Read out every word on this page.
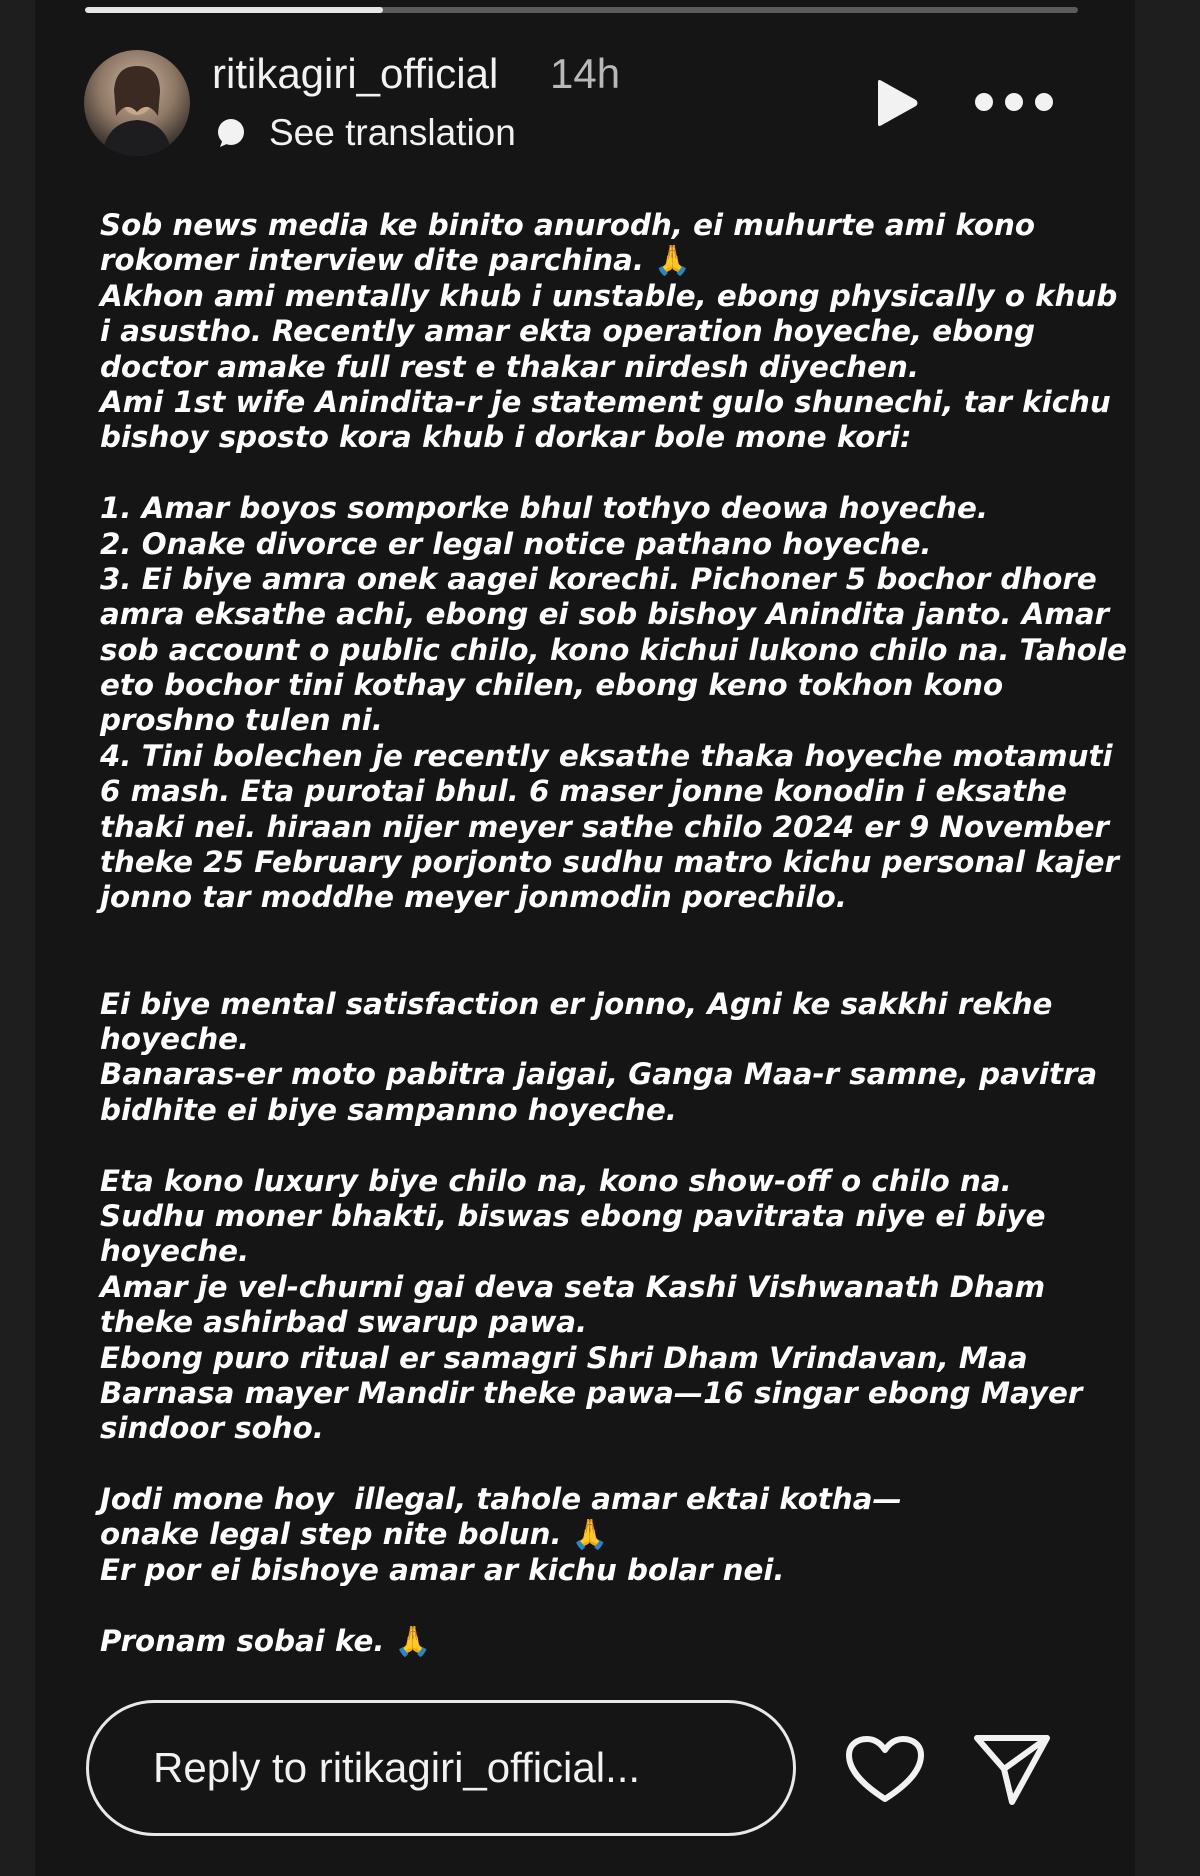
ritikagiri_official 14h
See translation
Sob news media ke binito anurodh, ei muhurte ami kono
rokomer interview dite parchina. 🙏
Akhon ami mentally khub i unstable, ebong physically o khub
i asustho. Recently amar ekta operation hoyeche, ebong
doctor amake full rest e thakar nirdesh diyechen.
Ami 1st wife Anindita-r je statement gulo shunechi, tar kichu
bishoy sposto kora khub i dorkar bole mone kori:
1. Amar boyos somporke bhul tothyo deowa hoyeche.
2. Onake divorce er legal notice pathano hoyeche.
3. Ei biye amra onek aagei korechi. Pichoner 5 bochor dhore
amra eksathe achi, ebong ei sob bishoy Anindita janto. Amar
sob account o public chilo, kono kichui lukono chilo na. Tahole
eto bochor tini kothay chilen, ebong keno tokhon kono
proshno tulen ni.
4. Tini bolechen je recently eksathe thaka hoyeche motamuti
6 mash. Eta purotai bhul. 6 maser jonne konodin i eksathe
thaki nei. hiraan nijer meyer sathe chilo 2024 er 9 November
theke 25 February porjonto sudhu matro kichu personal kajer
jonno tar moddhe meyer jonmodin porechilo.
Ei biye mental satisfaction er jonno, Agni ke sakkhi rekhe
hoyeche.
Banaras-er moto pabitra jaigai, Ganga Maa-r samne, pavitra
bidhite ei biye sampanno hoyeche.
Eta kono luxury biye chilo na, kono show-off o chilo na.
Sudhu moner bhakti, biswas ebong pavitrata niye ei biye
hoyeche.
Amar je vel-churni gai deva seta Kashi Vishwanath Dham
theke ashirbad swarup pawa.
Ebong puro ritual er samagri Shri Dham Vrindavan, Maa
Barnasa mayer Mandir theke pawa—16 singar ebong Mayer
sindoor soho.
Jodi mone hoy  illegal, tahole amar ektai kotha—
onake legal step nite bolun. 🙏
Er por ei bishoye amar ar kichu bolar nei.
Pronam sobai ke. 🙏
Reply to ritikagiri_official...
